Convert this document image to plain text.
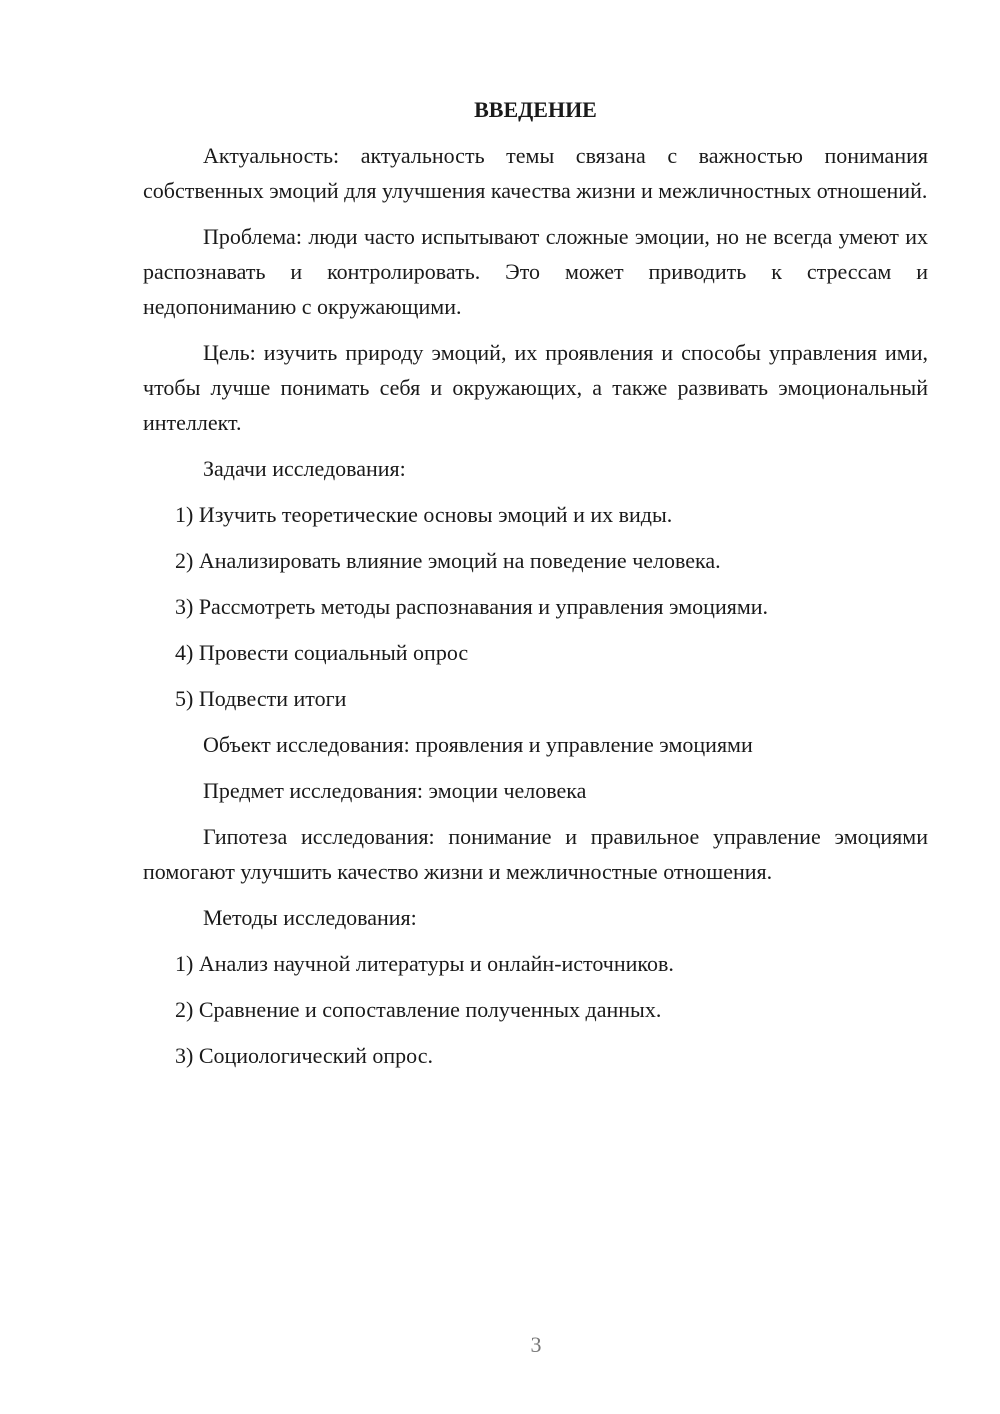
ВВЕДЕНИЕ
Актуальность: актуальность темы связана с важностью понимания собственных эмоций для улучшения качества жизни и межличностных отношений.
Проблема: люди часто испытывают сложные эмоции, но не всегда умеют их распознавать и контролировать. Это может приводить к стрессам и недопониманию с окружающими.
Цель: изучить природу эмоций, их проявления и способы управления ими, чтобы лучше понимать себя и окружающих, а также развивать эмоциональный интеллект.
Задачи исследования:
1) Изучить теоретические основы эмоций и их виды.
2) Анализировать влияние эмоций на поведение человека.
3) Рассмотреть методы распознавания и управления эмоциями.
4) Провести социальный опрос
5) Подвести итоги
Объект исследования: проявления и управление эмоциями
Предмет исследования: эмоции человека
Гипотеза исследования: понимание и правильное управление эмоциями помогают улучшить качество жизни и межличностные отношения.
Методы исследования:
1) Анализ научной литературы и онлайн-источников.
2) Сравнение и сопоставление полученных данных.
3) Социологический опрос.
3
